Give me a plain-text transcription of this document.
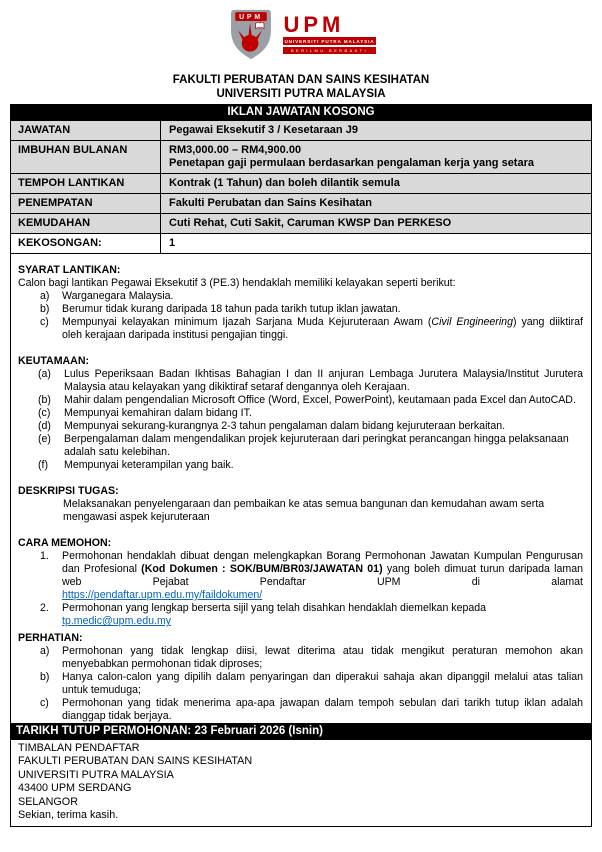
UPM UPM
UNIVERSITI PUTRA MALAYSIA
BERILMU BERBAKTI
FAKULTI PERUBATAN DAN SAINS KESIHATAN
UNIVERSITI PUTRA MALAYSIA
IKLAN JAWATAN KOSONG
JAWATAN	Pegawai Eksekutif 3 / Kesetaraan J9
IMBUHAN BULANAN	RM3,000.00 – RM4,900.00
Penetapan gaji permulaan berdasarkan pengalaman kerja yang setara
TEMPOH LANTIKAN	Kontrak (1 Tahun) dan boleh dilantik semula
PENEMPATAN	Fakulti Perubatan dan Sains Kesihatan
KEMUDAHAN	Cuti Rehat, Cuti Sakit, Caruman KWSP Dan PERKESO
KEKOSONGAN:	1
SYARAT LANTIKAN:
Calon bagi lantikan Pegawai Eksekutif 3 (PE.3) hendaklah memiliki kelayakan seperti berikut:
a)	Warganegara Malaysia.
b)	Berumur tidak kurang daripada 18 tahun pada tarikh tutup iklan jawatan.
c)	Mempunyai kelayakan minimum Ijazah Sarjana Muda Kejuruteraan Awam (Civil Engineering) yang diiktiraf oleh kerajaan daripada institusi pengajian tinggi.
KEUTAMAAN:
(a)	Lulus Peperiksaan Badan Ikhtisas Bahagian I dan II anjuran Lembaga Jurutera Malaysia/Institut Jurutera Malaysia atau kelayakan yang dikiktiraf setaraf dengannya oleh Kerajaan.
(b)	Mahir dalam pengendalian Microsoft Office (Word, Excel, PowerPoint), keutamaan pada Excel dan AutoCAD.
(c)	Mempunyai kemahiran dalam bidang IT.
(d)	Mempunyai sekurang-kurangnya 2-3 tahun pengalaman dalam bidang kejuruteraan berkaitan.
(e)	Berpengalaman dalam mengendalikan projek kejuruteraan dari peringkat perancangan hingga pelaksanaan adalah satu kelebihan.
(f)	Mempunyai keterampilan yang baik.
DESKRIPSI TUGAS:
Melaksanakan penyelengaraan dan pembaikan ke atas semua bangunan dan kemudahan awam serta mengawasi aspek kejuruteraan
CARA MEMOHON:
1.	Permohonan hendaklah dibuat dengan melengkapkan Borang Permohonan Jawatan Kumpulan Pengurusan dan Profesional (Kod Dokumen : SOK/BUM/BR03/JAWATAN 01) yang boleh dimuat turun daripada laman web Pejabat Pendaftar UPM di alamat
https://pendaftar.upm.edu.my/faildokumen/
2.	Permohonan yang lengkap berserta sijil yang telah disahkan hendaklah diemelkan kepada
tp.medic@upm.edu.my
PERHATIAN:
a)	Permohonan yang tidak lengkap diisi, lewat diterima atau tidak mengikut peraturan memohon akan menyebabkan permohonan tidak diproses;
b)	Hanya calon-calon yang dipilih dalam penyaringan dan diperakui sahaja akan dipanggil melalui atas talian untuk temuduga;
c)	Permohonan yang tidak menerima apa-apa jawapan dalam tempoh sebulan dari tarikh tutup iklan adalah dianggap tidak berjaya.
TARIKH TUTUP PERMOHONAN: 23 Februari 2026 (Isnin)
TIMBALAN PENDAFTAR
FAKULTI PERUBATAN DAN SAINS KESIHATAN
UNIVERSITI PUTRA MALAYSIA
43400 UPM SERDANG
SELANGOR
Sekian, terima kasih.
